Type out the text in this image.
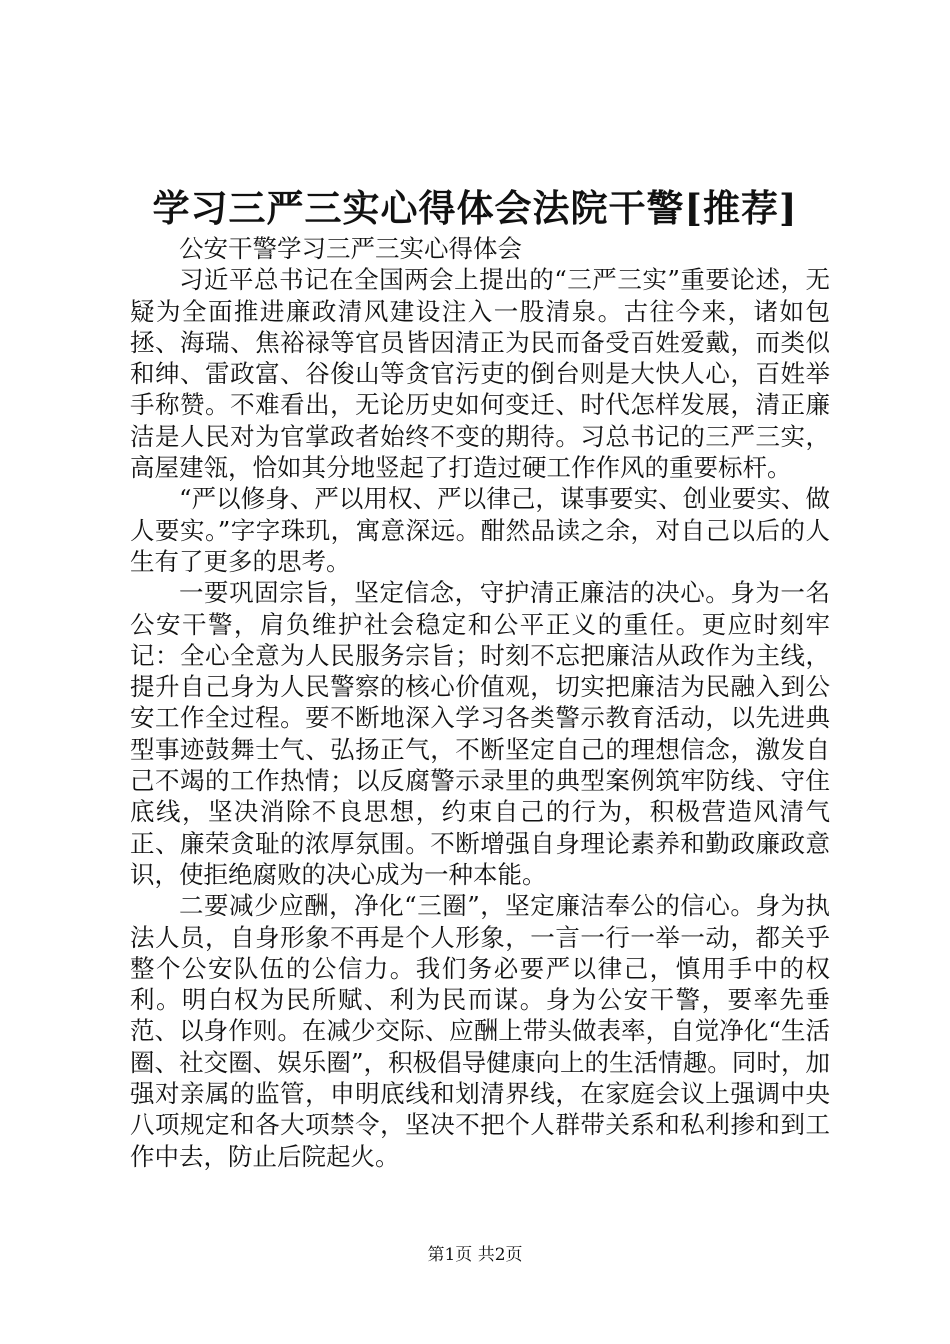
学习三严三实心得体会法院干警[推荐]

公安干警学习三严三实心得体会

习近平总书记在全国两会上提出的“三严三实”重要论述，无疑为全面推进廉政清风建设注入一股清泉。古往今来，诸如包拯、海瑞、焦裕禄等官员皆因清正为民而备受百姓爱戴，而类似和绅、雷政富、谷俊山等贪官污吏的倒台则是大快人心，百姓举手称赞。不难看出，无论历史如何变迁、时代怎样发展，清正廉洁是人民对为官掌政者始终不变的期待。习总书记的三严三实，高屋建瓴，恰如其分地竖起了打造过硬工作作风的重要标杆。

“严以修身、严以用权、严以律己，谋事要实、创业要实、做人要实。”字字珠玑，寓意深远。酣然品读之余，对自己以后的人生有了更多的思考。

一要巩固宗旨，坚定信念，守护清正廉洁的决心。身为一名公安干警，肩负维护社会稳定和公平正义的重任。更应时刻牢记：全心全意为人民服务宗旨；时刻不忘把廉洁从政作为主线，提升自己身为人民警察的核心价值观，切实把廉洁为民融入到公安工作全过程。要不断地深入学习各类警示教育活动，以先进典型事迹鼓舞士气、弘扬正气，不断坚定自己的理想信念，激发自己不竭的工作热情；以反腐警示录里的典型案例筑牢防线、守住底线，坚决消除不良思想，约束自己的行为，积极营造风清气正、廉荣贪耻的浓厚氛围。不断增强自身理论素养和勤政廉政意识，使拒绝腐败的决心成为一种本能。

二要减少应酬，净化“三圈”，坚定廉洁奉公的信心。身为执法人员，自身形象不再是个人形象，一言一行一举一动，都关乎整个公安队伍的公信力。我们务必要严以律己，慎用手中的权利。明白权为民所赋、利为民而谋。身为公安干警，要率先垂范、以身作则。在减少交际、应酬上带头做表率，自觉净化“生活圈、社交圈、娱乐圈”，积极倡导健康向上的生活情趣。同时，加强对亲属的监管，申明底线和划清界线，在家庭会议上强调中央八项规定和各大项禁令，坚决不把个人群带关系和私利掺和到工作中去，防止后院起火。

第1页 共2页
